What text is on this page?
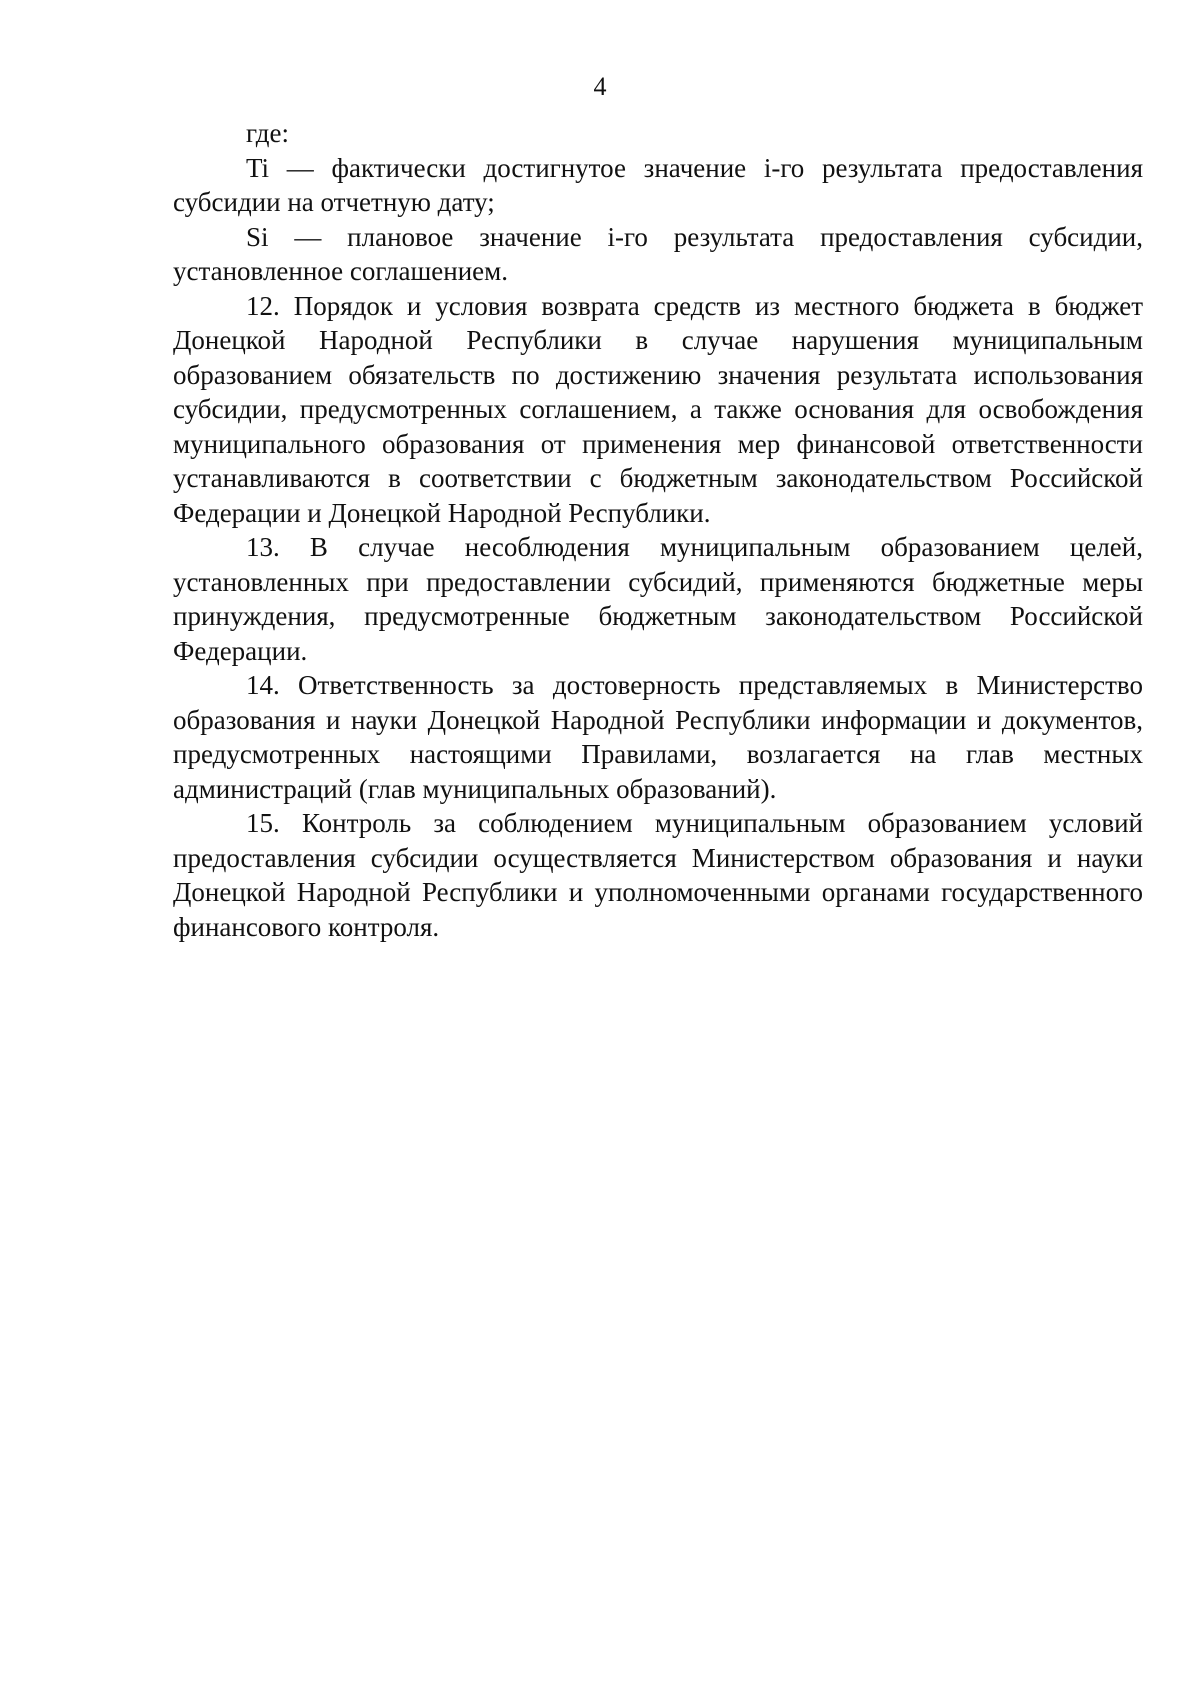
4

где:

Ti — фактически достигнутое значение i-го результата предоставления субсидии на отчетную дату;

Si — плановое значение i-го результата предоставления субсидии, установленное соглашением.

12. Порядок и условия возврата средств из местного бюджета в бюджет Донецкой Народной Республики в случае нарушения муниципальным образованием обязательств по достижению значения результата использования субсидии, предусмотренных соглашением, а также основания для освобождения муниципального образования от применения мер финансовой ответственности устанавливаются в соответствии с бюджетным законодательством Российской Федерации и Донецкой Народной Республики.

13. В случае несоблюдения муниципальным образованием целей, установленных при предоставлении субсидий, применяются бюджетные меры принуждения, предусмотренные бюджетным законодательством Российской Федерации.

14. Ответственность за достоверность представляемых в Министерство образования и науки Донецкой Народной Республики информации и документов, предусмотренных настоящими Правилами, возлагается на глав местных администраций (глав муниципальных образований).

15. Контроль за соблюдением муниципальным образованием условий предоставления субсидии осуществляется Министерством образования и науки Донецкой Народной Республики и уполномоченными органами государственного финансового контроля.
